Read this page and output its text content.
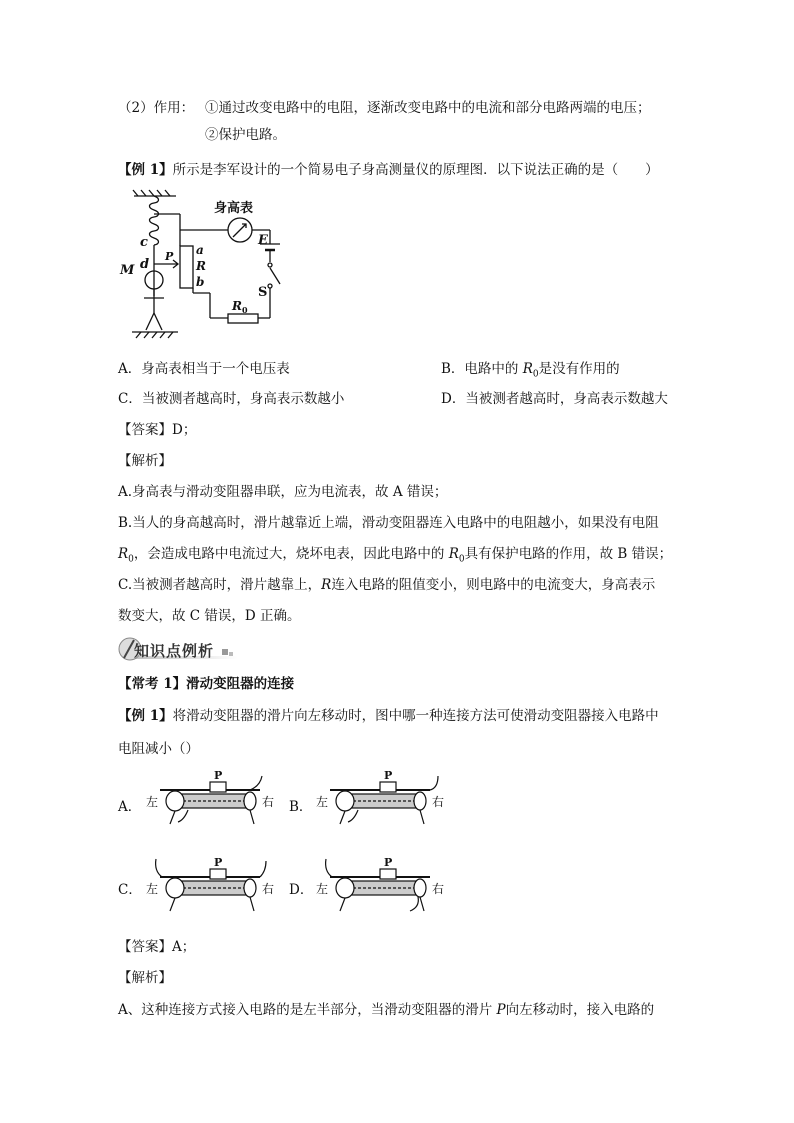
（2）作用： ①通过改变电路中的电阻，逐渐改变电路中的电流和部分电路两端的电压；
②保护电路。
【例 1】所示是李军设计的一个简易电子身高测量仪的原理图．以下说法正确的是（　　）
身高表
E
c
d
M
P a
R
b
S
$R_0$
A．身高表相当于一个电压表	B．电路中的 $R_0$是没有作用的
C．当被测者越高时，身高表示数越小	D．当被测者越高时，身高表示数越大
【答案】D；
【解析】
A.身高表与滑动变阻器串联，应为电流表，故 A 错误；
B.当人的身高越高时，滑片越靠近上端，滑动变阻器连入电路中的电阻越小，如果没有电阻
$R_0$，会造成电路中电流过大，烧坏电表，因此电路中的 $R_0$具有保护电路的作用，故 B 错误；
C.当被测者越高时，滑片越靠上，R连入电路的阻值变小，则电路中的电流变大，身高表示
数变大，故 C 错误，D 正确。
知识点例析
【常考 1】滑动变阻器的连接
【例 1】将滑动变阻器的滑片向左移动时，图中哪一种连接方法可使滑动变阻器接入电路中
电阻减小（）
A．	B．
C．	D．
左	右
P
左	右
P
左	右
P
左	右
P
【答案】A；
【解析】
A、这种连接方式接入电路的是左半部分，当滑动变阻器的滑片 P向左移动时，接入电路的
